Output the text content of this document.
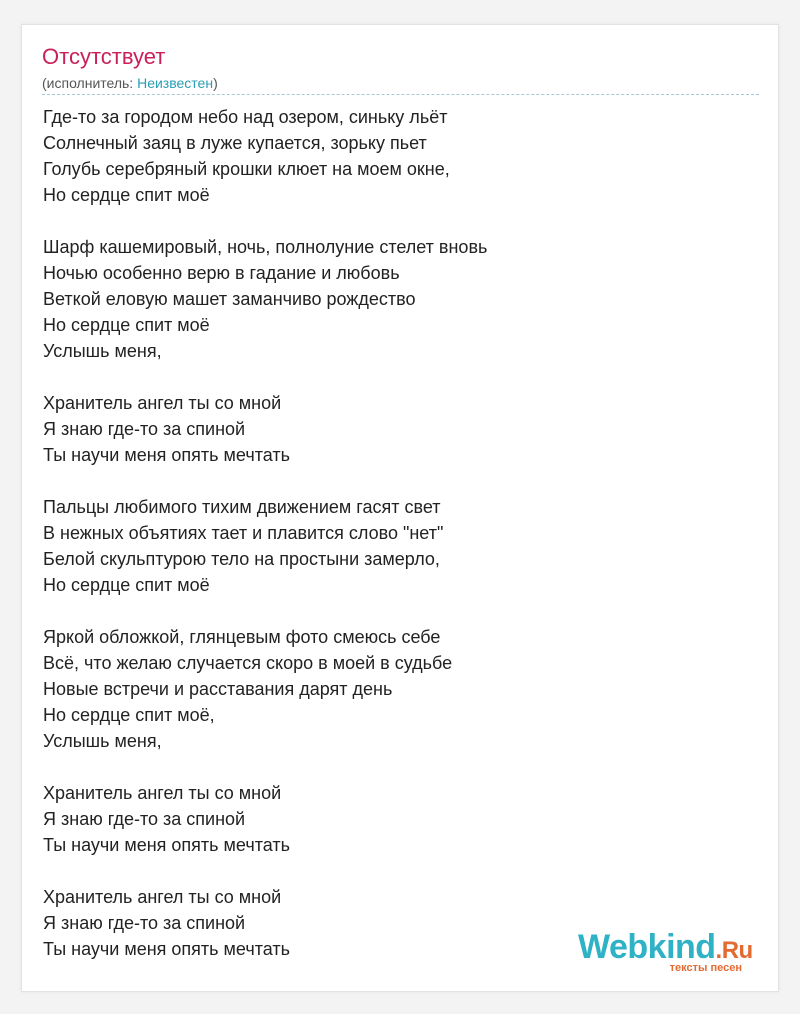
Отсутствует
(исполнитель: Неизвестен)
Где-то за городом небо над озером, синьку льёт
Солнечный заяц в луже купается, зорьку пьет
Голубь серебряный крошки клюет на моем окне,
Но сердце спит моё
Шарф кашемировый, ночь, полнолуние стелет вновь
Ночью особенно верю в гадание и любовь
Веткой еловую машет заманчиво рождество
Но сердце спит моё
Услышь меня,
Хранитель ангел ты со мной
Я знаю где-то за спиной
Ты научи меня опять мечтать
Пальцы любимого тихим движением гасят свет
В нежных объятиях тает и плавится слово "нет"
Белой скульптурою тело на простыни замерло,
Но сердце спит моё
Яркой обложкой, глянцевым фото смеюсь себе
Всё, что желаю случается скоро в моей в судьбе
Новые встречи и расставания дарят день
Но сердце спит моё,
Услышь меня,
Хранитель ангел ты со мной
Я знаю где-то за спиной
Ты научи меня опять мечтать
Хранитель ангел ты со мной
Я знаю где-то за спиной
Ты научи меня опять мечтать	Webkind.Ru
тексты песен
